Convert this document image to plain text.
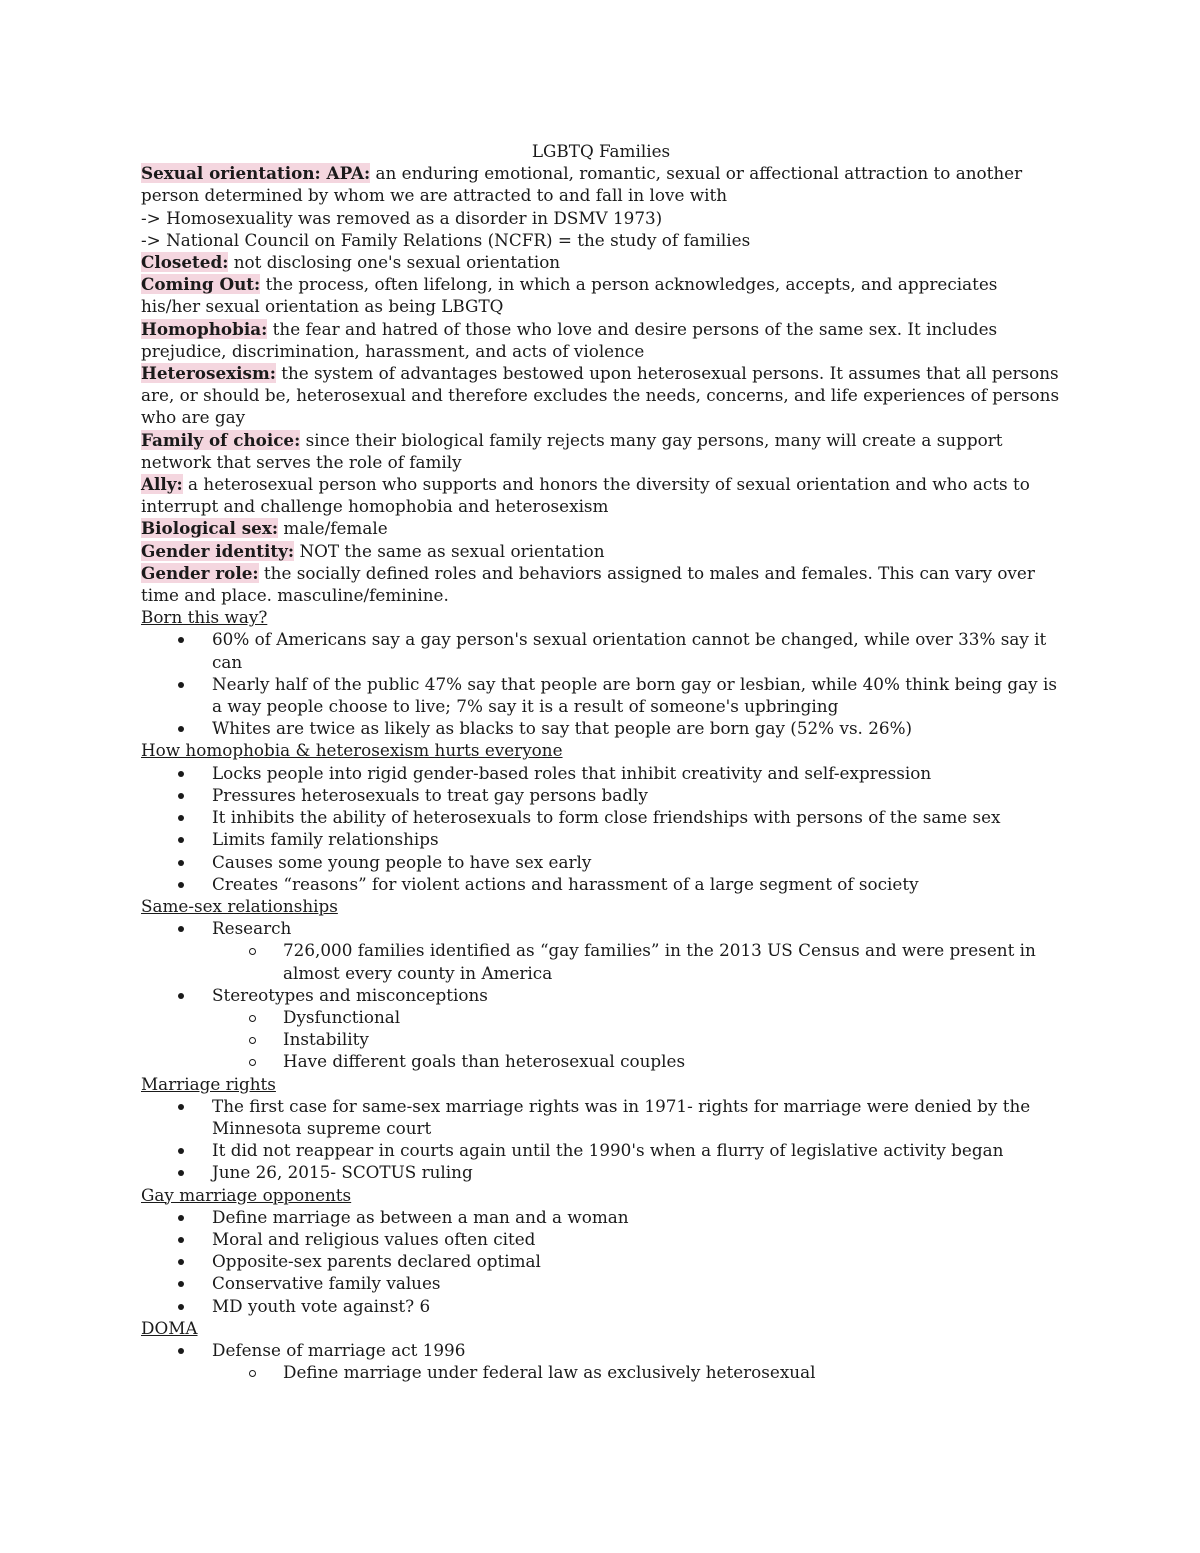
LGBTQ Families

Sexual orientation: APA: an enduring emotional, romantic, sexual or affectional attraction to another person determined by whom we are attracted to and fall in love with

-> Homosexuality was removed as a disorder in DSMV 1973)

-> National Council on Family Relations (NCFR) = the study of families

Closeted: not disclosing one's sexual orientation

Coming Out: the process, often lifelong, in which a person acknowledges, accepts, and appreciates his/her sexual orientation as being LBGTQ

Homophobia: the fear and hatred of those who love and desire persons of the same sex. It includes prejudice, discrimination, harassment, and acts of violence

Heterosexism: the system of advantages bestowed upon heterosexual persons. It assumes that all persons are, or should be, heterosexual and therefore excludes the needs, concerns, and life experiences of persons who are gay

Family of choice: since their biological family rejects many gay persons, many will create a support network that serves the role of family

Ally: a heterosexual person who supports and honors the diversity of sexual orientation and who acts to interrupt and challenge homophobia and heterosexism

Biological sex: male/female

Gender identity: NOT the same as sexual orientation

Gender role: the socially defined roles and behaviors assigned to males and females. This can vary over time and place. masculine/feminine.

Born this way?

60% of Americans say a gay person's sexual orientation cannot be changed, while over 33% say it can
Nearly half of the public 47% say that people are born gay or lesbian, while 40% think being gay is a way people choose to live; 7% say it is a result of someone's upbringing
Whites are twice as likely as blacks to say that people are born gay (52% vs. 26%)

How homophobia & heterosexism hurts everyone

Locks people into rigid gender-based roles that inhibit creativity and self-expression
Pressures heterosexuals to treat gay persons badly
It inhibits the ability of heterosexuals to form close friendships with persons of the same sex
Limits family relationships
Causes some young people to have sex early
Creates “reasons” for violent actions and harassment of a large segment of society

Same-sex relationships

Research
726,000 families identified as “gay families” in the 2013 US Census and were present in almost every county in America
Stereotypes and misconceptions
Dysfunctional
Instability
Have different goals than heterosexual couples

Marriage rights

The first case for same-sex marriage rights was in 1971- rights for marriage were denied by the Minnesota supreme court
It did not reappear in courts again until the 1990's when a flurry of legislative activity began
June 26, 2015- SCOTUS ruling

Gay marriage opponents

Define marriage as between a man and a woman
Moral and religious values often cited
Opposite-sex parents declared optimal
Conservative family values
MD youth vote against? 6

DOMA

Defense of marriage act 1996
Define marriage under federal law as exclusively heterosexual
